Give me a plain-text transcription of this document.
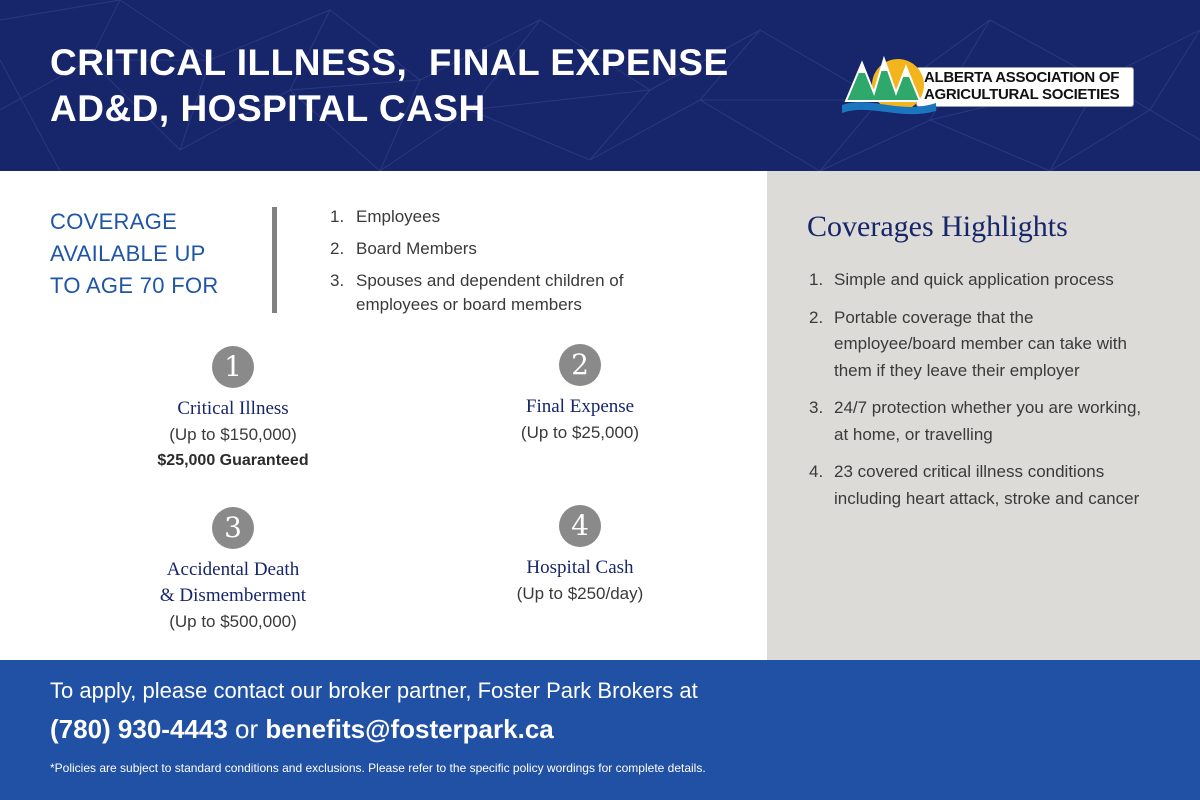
CRITICAL ILLNESS,  FINAL EXPENSE
AD&D, HOSPITAL CASH
ALBERTA ASSOCIATION OF
AGRICULTURAL SOCIETIES
COVERAGE
AVAILABLE UP
TO AGE 70 FOR
1. Employees
2. Board Members
3. Spouses and dependent children of employees or board members
1
Critical Illness
(Up to $150,000)
$25,000 Guaranteed
2
Final Expense
(Up to $25,000)
3
Accidental Death
& Dismemberment
(Up to $500,000)
4
Hospital Cash
(Up to $250/day)
Coverages Highlights
1. Simple and quick application process
2. Portable coverage that the employee/board member can take with them if they leave their employer
3. 24/7 protection whether you are working, at home, or travelling
4. 23 covered critical illness conditions including heart attack, stroke and cancer
To apply, please contact our broker partner, Foster Park Brokers at
(780) 930-4443 or benefits@fosterpark.ca
*Policies are subject to standard conditions and exclusions. Please refer to the specific policy wordings for complete details.
